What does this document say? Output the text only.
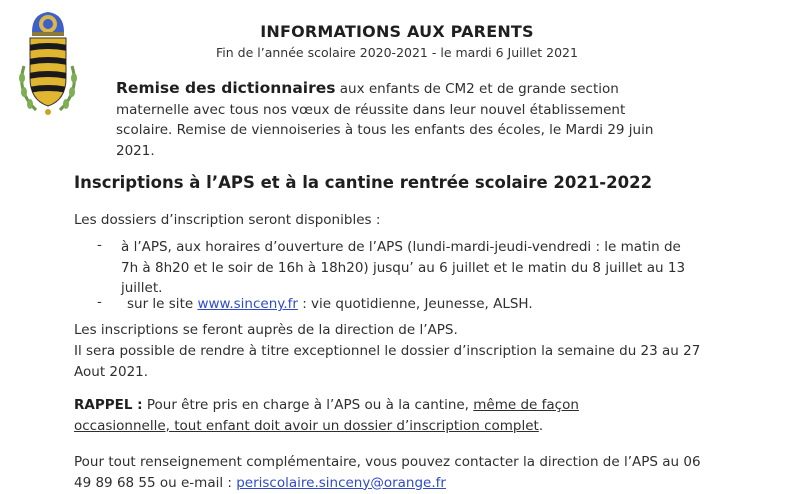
INFORMATIONS AUX PARENTS
Fin de l’année scolaire 2020-2021 - le mardi 6 Juillet 2021
Remise des dictionnaires aux enfants de CM2 et de grande section maternelle avec tous nos vœux de réussite dans leur nouvel établissement scolaire. Remise de viennoiseries à tous les enfants des écoles, le Mardi 29 juin 2021.
Inscriptions à l’APS et à la cantine rentrée scolaire 2021-2022
Les dossiers d’inscription seront disponibles :
- à l’APS, aux horaires d’ouverture de l’APS (lundi-mardi-jeudi-vendredi : le matin de 7h à 8h20 et le soir de 16h à 18h20) jusqu’ au 6 juillet et le matin du 8 juillet au 13 juillet.
- sur le site www.sinceny.fr : vie quotidienne, Jeunesse, ALSH.
Les inscriptions se feront auprès de la direction de l’APS.
Il sera possible de rendre à titre exceptionnel le dossier d’inscription la semaine du 23 au 27 Aout 2021.
RAPPEL : Pour être pris en charge à l’APS ou à la cantine, même de façon occasionnelle, tout enfant doit avoir un dossier d’inscription complet.
Pour tout renseignement complémentaire, vous pouvez contacter la direction de l’APS au 06 49 89 68 55 ou e-mail : periscolaire.sinceny@orange.fr
